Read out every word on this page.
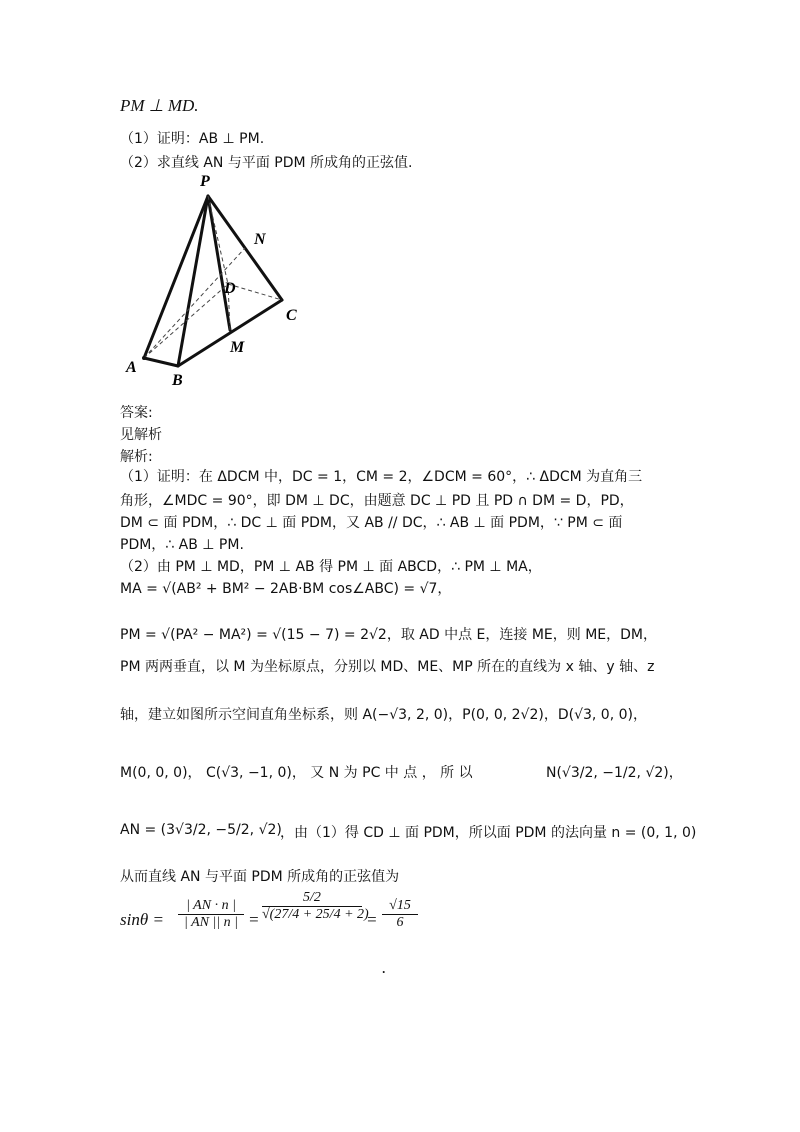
PM ⊥ MD.
（1）证明：AB ⊥ PM.
（2）求直线 AN 与平面 PDM 所成角的正弦值.
P
N
D
C
M
A
B
答案:
见解析
解析:
（1）证明：在 ΔDCM 中，DC = 1，CM = 2，∠DCM = 60°，∴ ΔDCM 为直角三
角形，∠MDC = 90°，即 DM ⊥ DC，由题意 DC ⊥ PD 且 PD ∩ DM = D，PD，
DM ⊂ 面 PDM，∴ DC ⊥ 面 PDM，又 AB // DC，∴ AB ⊥ 面 PDM，∵ PM ⊂ 面
PDM，∴ AB ⊥ PM.
（2）由 PM ⊥ MD，PM ⊥ AB 得 PM ⊥ 面 ABCD，∴ PM ⊥ MA，
MA = √(AB² + BM² − 2AB·BM cos∠ABC) = √7，
PM = √(PA² − MA²) = √(15 − 7) = 2√2，取 AD 中点 E，连接 ME，则 ME，DM，
PM 两两垂直，以 M 为坐标原点，分别以 MD、ME、MP 所在的直线为 x 轴、y 轴、z
轴，建立如图所示空间直角坐标系，则 A(−√3, 2, 0)，P(0, 0, 2√2)，D(√3, 0, 0)，
M(0, 0, 0)， C(√3, −1, 0)， 又 N 为 PC 中 点 ， 所 以	N(√3/2, −1/2, √2)，
AN = (3√3/2, −5/2, √2)
，由（1）得 CD ⊥ 面 PDM，所以面 PDM 的法向量 n = (0, 1, 0)
从而直线 AN 与平面 PDM 所成角的正弦值为
$\sin\theta = \frac{| AN \cdot n |}{| AN || n |} = \frac{5/2}{√(27/4 + 25/4 + 2)} = \frac{√15}{6}$
.
